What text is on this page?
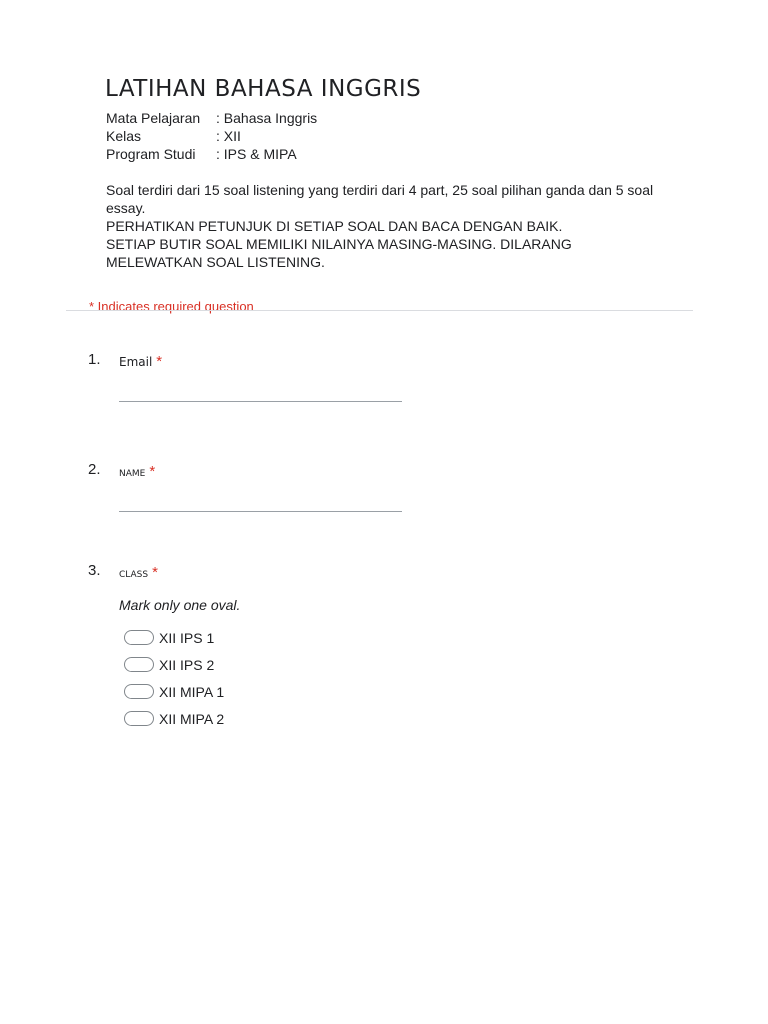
LATIHAN BAHASA INGGRIS
Mata Pelajaran	: Bahasa Inggris
Kelas	: XII
Program Studi	: IPS & MIPA

Soal terdiri dari 15 soal listening yang terdiri dari 4 part, 25 soal pilihan ganda dan 5 soal essay.

PERHATIKAN PETUNJUK DI SETIAP SOAL DAN BACA DENGAN BAIK.

SETIAP BUTIR SOAL MEMILIKI NILAINYA MASING-MASING. DILARANG MELEWATKAN SOAL LISTENING.

* Indicates required question
1. Email *
2. name *
3. class *
Mark only one oval.
XII IPS 1
XII IPS 2
XII MIPA 1
XII MIPA 2
